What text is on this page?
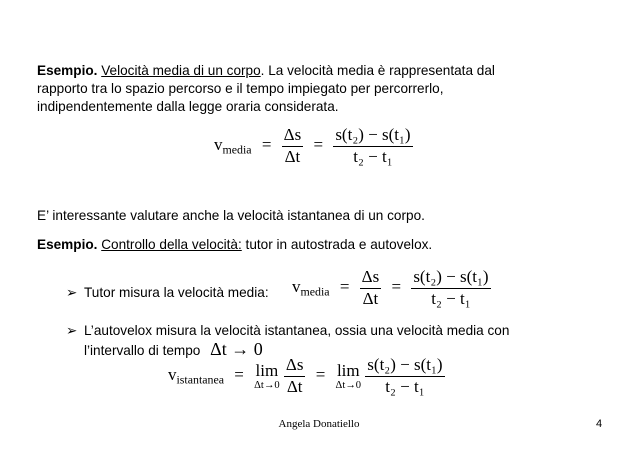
Esempio. Velocità media di un corpo. La velocità media è rappresentata dal
rapporto tra lo spazio percorso e il tempo impiegato per percorrerlo,
indipendentemente dalla legge oraria considerata.
$v_{media} = \frac{\Delta s}{\Delta t} = \frac{\text{s(t₂) − s(t₁)}}{\text{t₂ − t₁}}$
E’ interessante valutare anche la velocità istantanea di un corpo.
Esempio. Controllo della velocità: tutor in autostrada e autovelox.
➢ Tutor misura la velocità media: $v_{media} = \frac{\Delta s}{\Delta t} = \frac{\text{s(t₂) − s(t₁)}}{\text{t₂ − t₁}}$
➢ L’autovelox misura la velocità istantanea, ossia una velocità media con
l’intervallo di tempo Δt → 0
$v_{istantanea} = \lim$
Δt→0
$\frac{\Delta s}{\Delta t} = \lim$
Δt→0
$\frac{\text{s(t₂) − s(t₁)}}{\text{t₂ − t₁}}$
Angela Donatiello	4
